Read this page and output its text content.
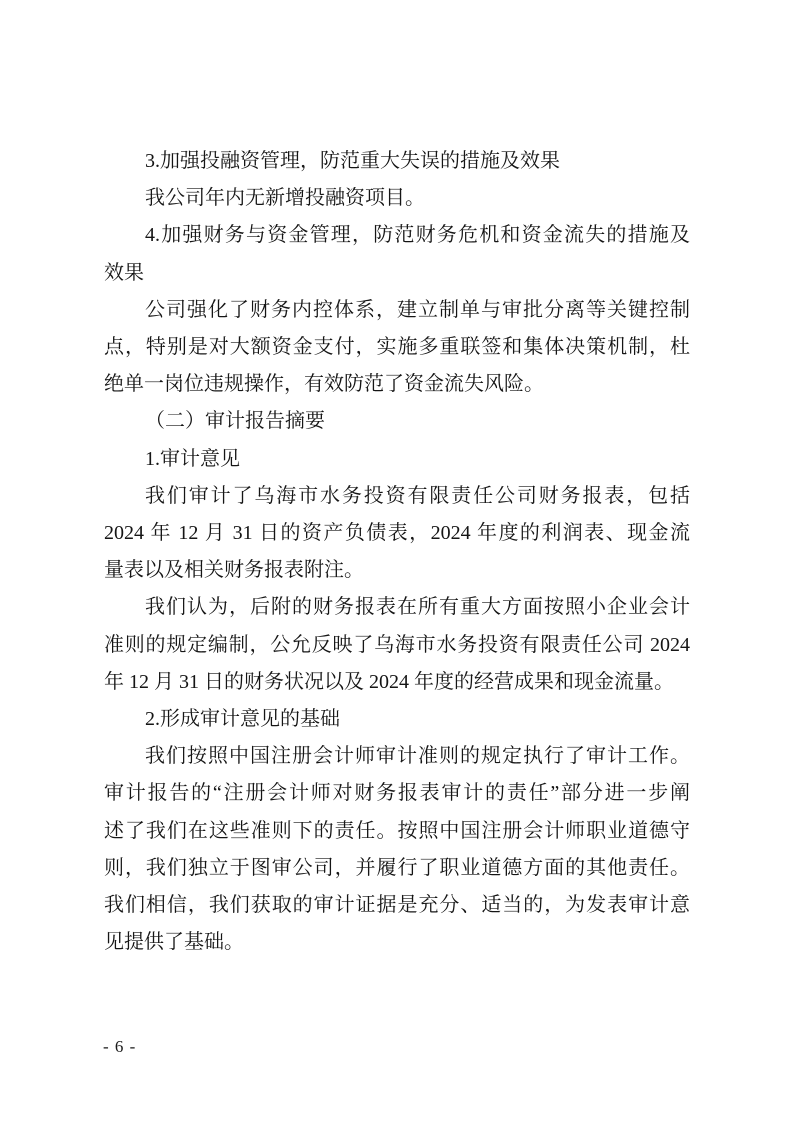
3.加强投融资管理，防范重大失误的措施及效果
我公司年内无新增投融资项目。
4.加强财务与资金管理，防范财务危机和资金流失的措施及
效果
公司强化了财务内控体系，建立制单与审批分离等关键控制
点，特别是对大额资金支付，实施多重联签和集体决策机制，杜
绝单一岗位违规操作，有效防范了资金流失风险。
（二）审计报告摘要
1.审计意见
我们审计了乌海市水务投资有限责任公司财务报表，包括
2024 年 12 月 31 日的资产负债表，2024 年度的利润表、现金流
量表以及相关财务报表附注。
我们认为，后附的财务报表在所有重大方面按照小企业会计
准则的规定编制，公允反映了乌海市水务投资有限责任公司 2024
年 12 月 31 日的财务状况以及 2024 年度的经营成果和现金流量。
2.形成审计意见的基础
我们按照中国注册会计师审计准则的规定执行了审计工作。
审计报告的“注册会计师对财务报表审计的责任”部分进一步阐
述了我们在这些准则下的责任。按照中国注册会计师职业道德守
则，我们独立于图审公司，并履行了职业道德方面的其他责任。
我们相信，我们获取的审计证据是充分、适当的，为发表审计意
见提供了基础。
- 6 -
